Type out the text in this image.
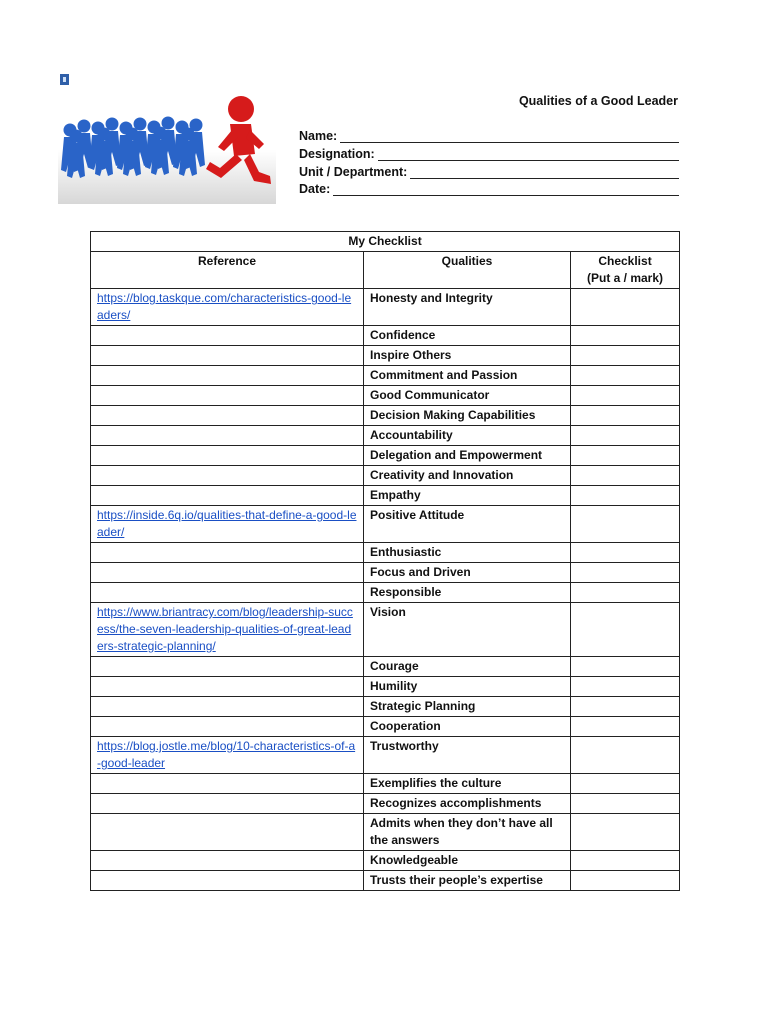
Qualities of a Good Leader
Name:
Designation:
Unit / Department:
Date:
My Checklist		
Reference	Qualities	Checklist
(Put a / mark)
https://blog.taskque.com/characteristics-good-leaders/	Honesty and Integrity	
	Confidence	
	Inspire Others	
	Commitment and Passion	
	Good Communicator	
	Decision Making Capabilities	
	Accountability	
	Delegation and Empowerment	
	Creativity and Innovation	
	Empathy	
https://inside.6q.io/qualities-that-define-a-good-leader/	Positive Attitude	
	Enthusiastic	
	Focus and Driven	
	Responsible	
https://www.briantracy.com/blog/leadership-success/the-seven-leadership-qualities-of-great-leaders-strategic-planning/	Vision	
	Courage	
	Humility	
	Strategic Planning	
	Cooperation	
https://blog.jostle.me/blog/10-characteristics-of-a-good-leader	Trustworthy	
	Exemplifies the culture	
	Recognizes accomplishments	
	Admits when they don’t have all the answers	
	Knowledgeable	
	Trusts their people’s expertise	
